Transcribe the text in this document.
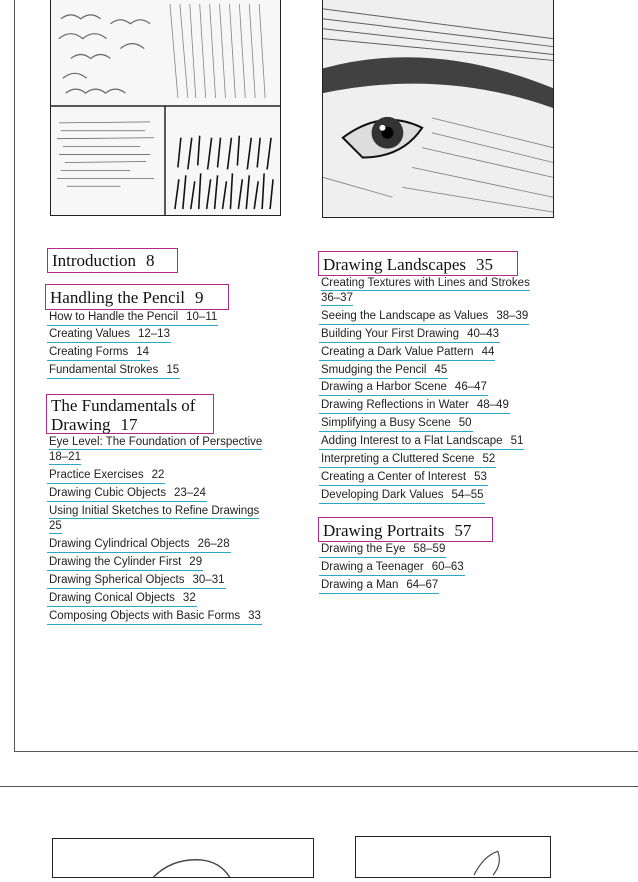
Introduction 8
Handling the Pencil 9
How to Handle the Pencil 10–11
Creating Values 12–13
Creating Forms 14
Fundamental Strokes 15
The Fundamentals of
Drawing 17
Eye Level: The Foundation of Perspective
18–21
Practice Exercises 22
Drawing Cubic Objects 23–24
Using Initial Sketches to Refine Drawings
25
Drawing Cylindrical Objects 26–28
Drawing the Cylinder First 29
Drawing Spherical Objects 30–31
Drawing Conical Objects 32
Composing Objects with Basic Forms 33
Drawing Landscapes 35
Creating Textures with Lines and Strokes
36–37
Seeing the Landscape as Values 38–39
Building Your First Drawing 40–43
Creating a Dark Value Pattern 44
Smudging the Pencil 45
Drawing a Harbor Scene 46–47
Drawing Reflections in Water 48–49
Simplifying a Busy Scene 50
Adding Interest to a Flat Landscape 51
Interpreting a Cluttered Scene 52
Creating a Center of Interest 53
Developing Dark Values 54–55
Drawing Portraits 57
Drawing the Eye 58–59
Drawing a Teenager 60–63
Drawing a Man 64–67
